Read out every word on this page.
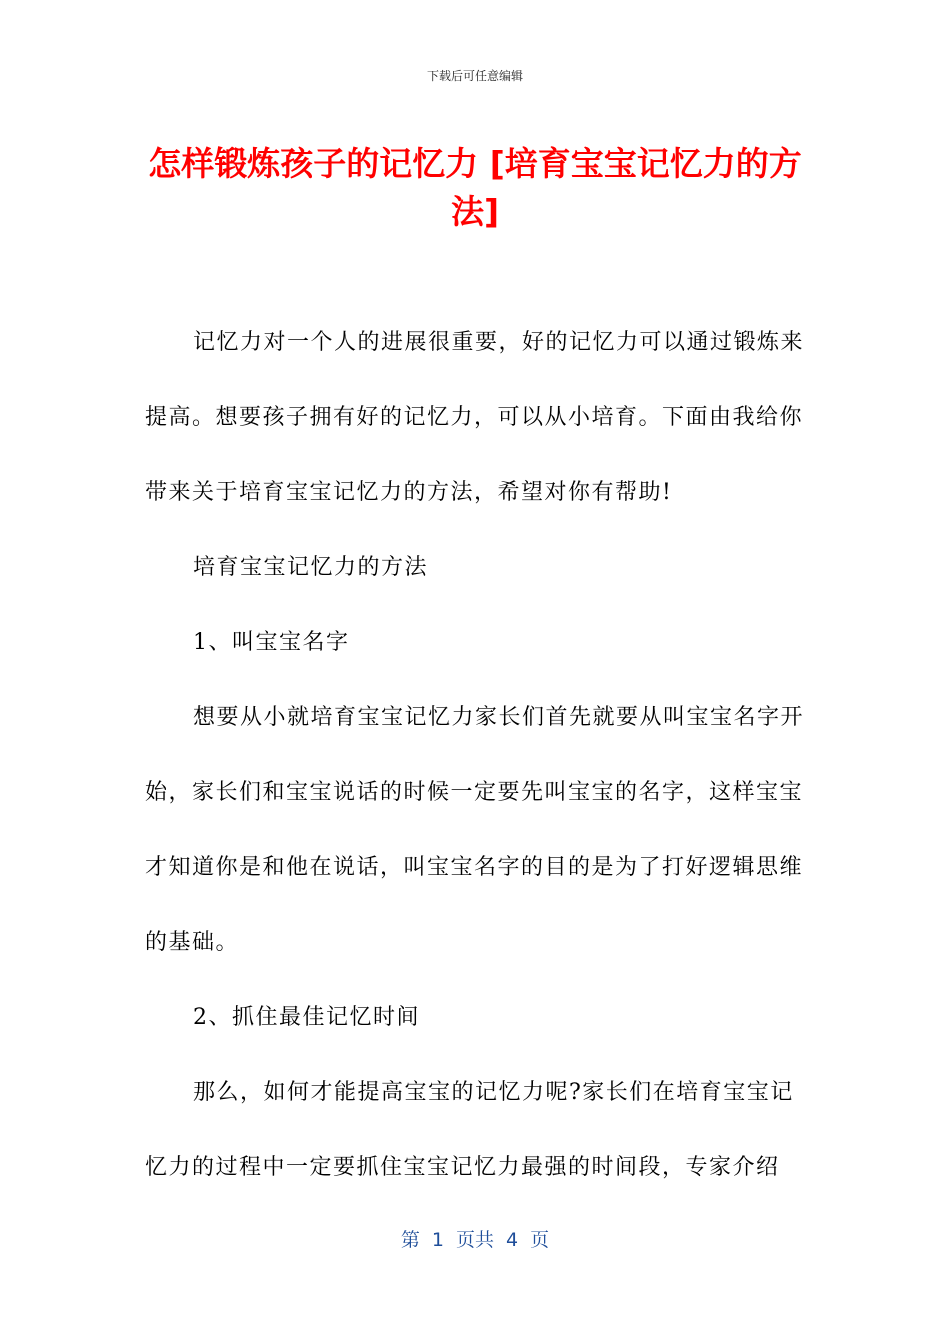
下载后可任意编辑
怎样锻炼孩子的记忆力 [培育宝宝记忆力的方法]

记忆力对一个人的进展很重要，好的记忆力可以通过锻炼来提高。想要孩子拥有好的记忆力，可以从小培育。下面由我给你带来关于培育宝宝记忆力的方法，希望对你有帮助!

培育宝宝记忆力的方法

1、叫宝宝名字

想要从小就培育宝宝记忆力家长们首先就要从叫宝宝名字开始，家长们和宝宝说话的时候一定要先叫宝宝的名字，这样宝宝才知道你是和他在说话，叫宝宝名字的目的是为了打好逻辑思维的基础。

2、抓住最佳记忆时间

那么，如何才能提高宝宝的记忆力呢?家长们在培育宝宝记忆力的过程中一定要抓住宝宝记忆力最强的时间段，专家介绍

第 1 页共 4 页
